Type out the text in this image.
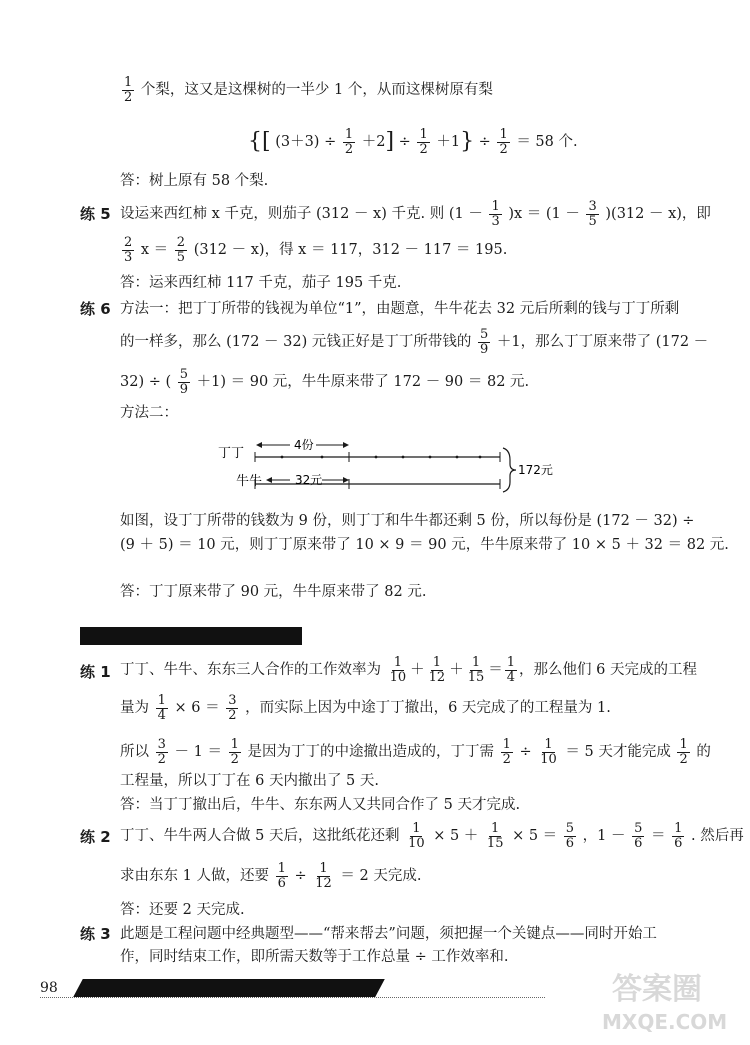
$\frac{1}{2}$ 个梨，这又是这棵树的一半少 1 个，从而这棵树原有梨
{[ $(3+3) \div \frac{1}{2} +2] \div \frac{1}{2} +1\} \div \frac{1}{2} = 58$ 个.
答：树上原有 58 个梨.
练 5 设运来西红柿 x 千克，则茄子 (312 － x) 千克. 则 $(1 - \frac{1}{3} )x = (1 - \frac{3}{5} )(312 - x)$，即
$\frac{2}{3}$ $x = \frac{2}{5} (312 - x)$，得 x ＝ 117，312 － 117 ＝ 195.
答：运来西红柿 117 千克，茄子 195 千克.
练 6 方法一：把丁丁所带的钱视为单位“1”，由题意，牛牛花去 32 元后所剩的钱与丁丁所剩
的一样多，那么 (172 － 32) 元钱正好是丁丁所带钱的 $\frac{5}{9} +1$，那么丁丁原来带了 (172 －
32) ÷ ( $\frac{5}{9} +1) = 90$ 元，牛牛原来带了 172 － 90 ＝ 82 元.
方法二：
丁丁
牛牛
4份
32元
172元
如图，设丁丁所带的钱数为 9 份，则丁丁和牛牛都还剩 5 份，所以每份是 (172 － 32) ÷
(9 ＋ 5) ＝ 10 元，则丁丁原来带了 10 × 9 ＝ 90 元，牛牛原来带了 10 × 5 ＋ 32 ＝ 82 元.
答：丁丁原来带了 90 元，牛牛原来带了 82 元.
练 1 丁丁、牛牛、东东三人合作的工作效率为 $\frac{1}{10} + \frac{1}{12} + \frac{1}{15} = \frac{1}{4}$ ，那么他们 6 天完成的工程
量为 $\frac{1}{4} \times 6 = \frac{3}{2}$ ，而实际上因为中途丁丁撤出，6 天完成了的工程量为 1.
所以 $\frac{3}{2} - 1 = \frac{1}{2}$ 是因为丁丁的中途撤出造成的，丁丁需 $\frac{1}{2} \div \frac{1}{10} = 5$ 天才能完成 $\frac{1}{2}$ 的
工程量，所以丁丁在 6 天内撤出了 5 天.
答：当丁丁撤出后，牛牛、东东两人又共同合作了 5 天才完成.
练 2 丁丁、牛牛两人合做 5 天后，这批纸花还剩 $\frac{1}{10} \times 5 + \frac{1}{15} \times 5 = \frac{5}{6}$ ，$1 - \frac{5}{6} = \frac{1}{6}$ . 然后再
求由东东 1 人做，还要 $\frac{1}{6} \div \frac{1}{12} = 2$ 天完成.
答：还要 2 天完成.
练 3 此题是工程问题中经典题型——“帮来帮去”问题，须把握一个关键点——同时开始工
作，同时结束工作，即所需天数等于工作总量 ÷ 工作效率和.
98	答案圈
MXQE.COM
